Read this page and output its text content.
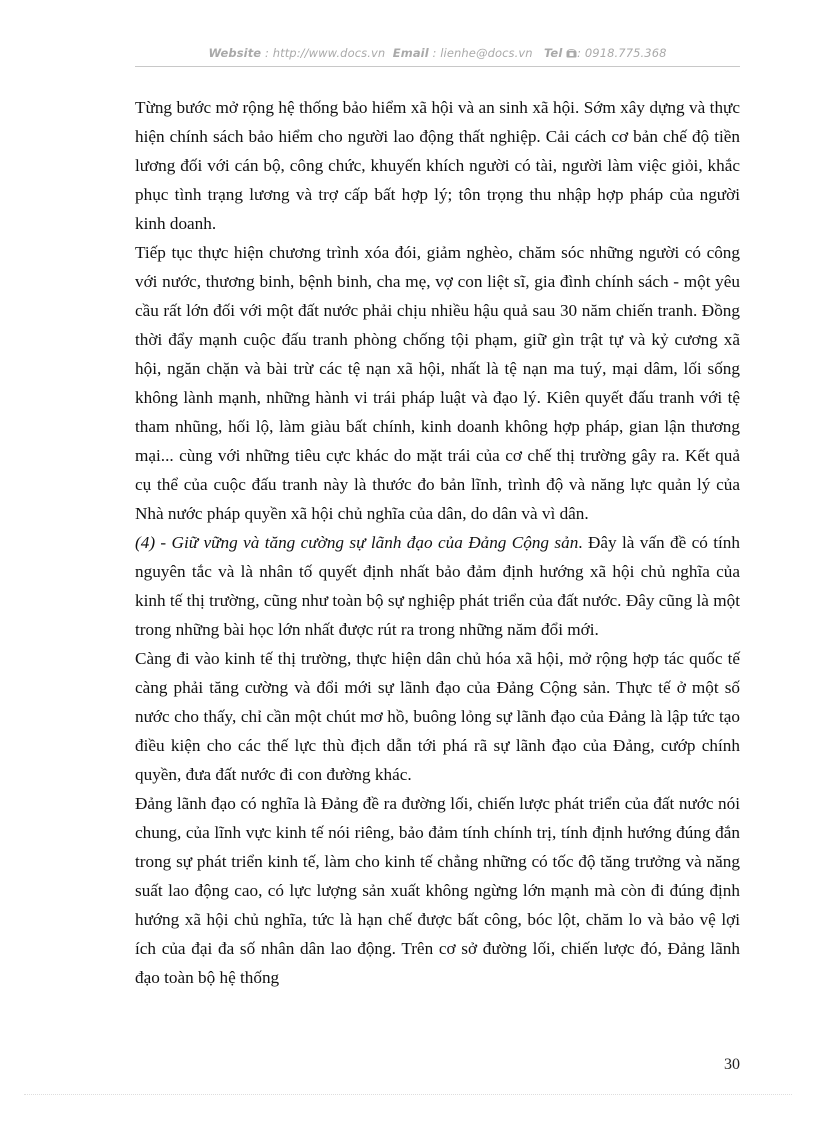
Website : http://www.docs.vn Email : lienhe@docs.vn Tel : 0918.775.368

Từng bước mở rộng hệ thống bảo hiểm xã hội và an sinh xã hội. Sớm xây dựng và thực hiện chính sách bảo hiểm cho người lao động thất nghiệp. Cải cách cơ bản chế độ tiền lương đối với cán bộ, công chức, khuyến khích người có tài, người làm việc giỏi, khắc phục tình trạng lương và trợ cấp bất hợp lý; tôn trọng thu nhập hợp pháp của người kinh doanh.

Tiếp tục thực hiện chương trình xóa đói, giảm nghèo, chăm sóc những người có công với nước, thương binh, bệnh binh, cha mẹ, vợ con liệt sĩ, gia đình chính sách - một yêu cầu rất lớn đối với một đất nước phải chịu nhiều hậu quả sau 30 năm chiến tranh. Đồng thời đẩy mạnh cuộc đấu tranh phòng chống tội phạm, giữ gìn trật tự và kỷ cương xã hội, ngăn chặn và bài trừ các tệ nạn xã hội, nhất là tệ nạn ma tuý, mại dâm, lối sống không lành mạnh, những hành vi trái pháp luật và đạo lý. Kiên quyết đấu tranh với tệ tham nhũng, hối lộ, làm giàu bất chính, kinh doanh không hợp pháp, gian lận thương mại... cùng với những tiêu cực khác do mặt trái của cơ chế thị trường gây ra. Kết quả cụ thể của cuộc đấu tranh này là thước đo bản lĩnh, trình độ và năng lực quản lý của Nhà nước pháp quyền xã hội chủ nghĩa của dân, do dân và vì dân.

(4) - Giữ vững và tăng cường sự lãnh đạo của Đảng Cộng sản. Đây là vấn đề có tính nguyên tắc và là nhân tố quyết định nhất bảo đảm định hướng xã hội chủ nghĩa của kinh tế thị trường, cũng như toàn bộ sự nghiệp phát triển của đất nước. Đây cũng là một trong những bài học lớn nhất được rút ra trong những năm đổi mới.

Càng đi vào kinh tế thị trường, thực hiện dân chủ hóa xã hội, mở rộng hợp tác quốc tế càng phải tăng cường và đổi mới sự lãnh đạo của Đảng Cộng sản. Thực tế ở một số nước cho thấy, chỉ cần một chút mơ hồ, buông lỏng sự lãnh đạo của Đảng là lập tức tạo điều kiện cho các thế lực thù địch dẫn tới phá rã sự lãnh đạo của Đảng, cướp chính quyền, đưa đất nước đi con đường khác.

Đảng lãnh đạo có nghĩa là Đảng đề ra đường lối, chiến lược phát triển của đất nước nói chung, của lĩnh vực kinh tế nói riêng, bảo đảm tính chính trị, tính định hướng đúng đắn trong sự phát triển kinh tế, làm cho kinh tế chẳng những có tốc độ tăng trưởng và năng suất lao động cao, có lực lượng sản xuất không ngừng lớn mạnh mà còn đi đúng định hướng xã hội chủ nghĩa, tức là hạn chế được bất công, bóc lột, chăm lo và bảo vệ lợi ích của đại đa số nhân dân lao động. Trên cơ sở đường lối, chiến lược đó, Đảng lãnh đạo toàn bộ hệ thống

30
